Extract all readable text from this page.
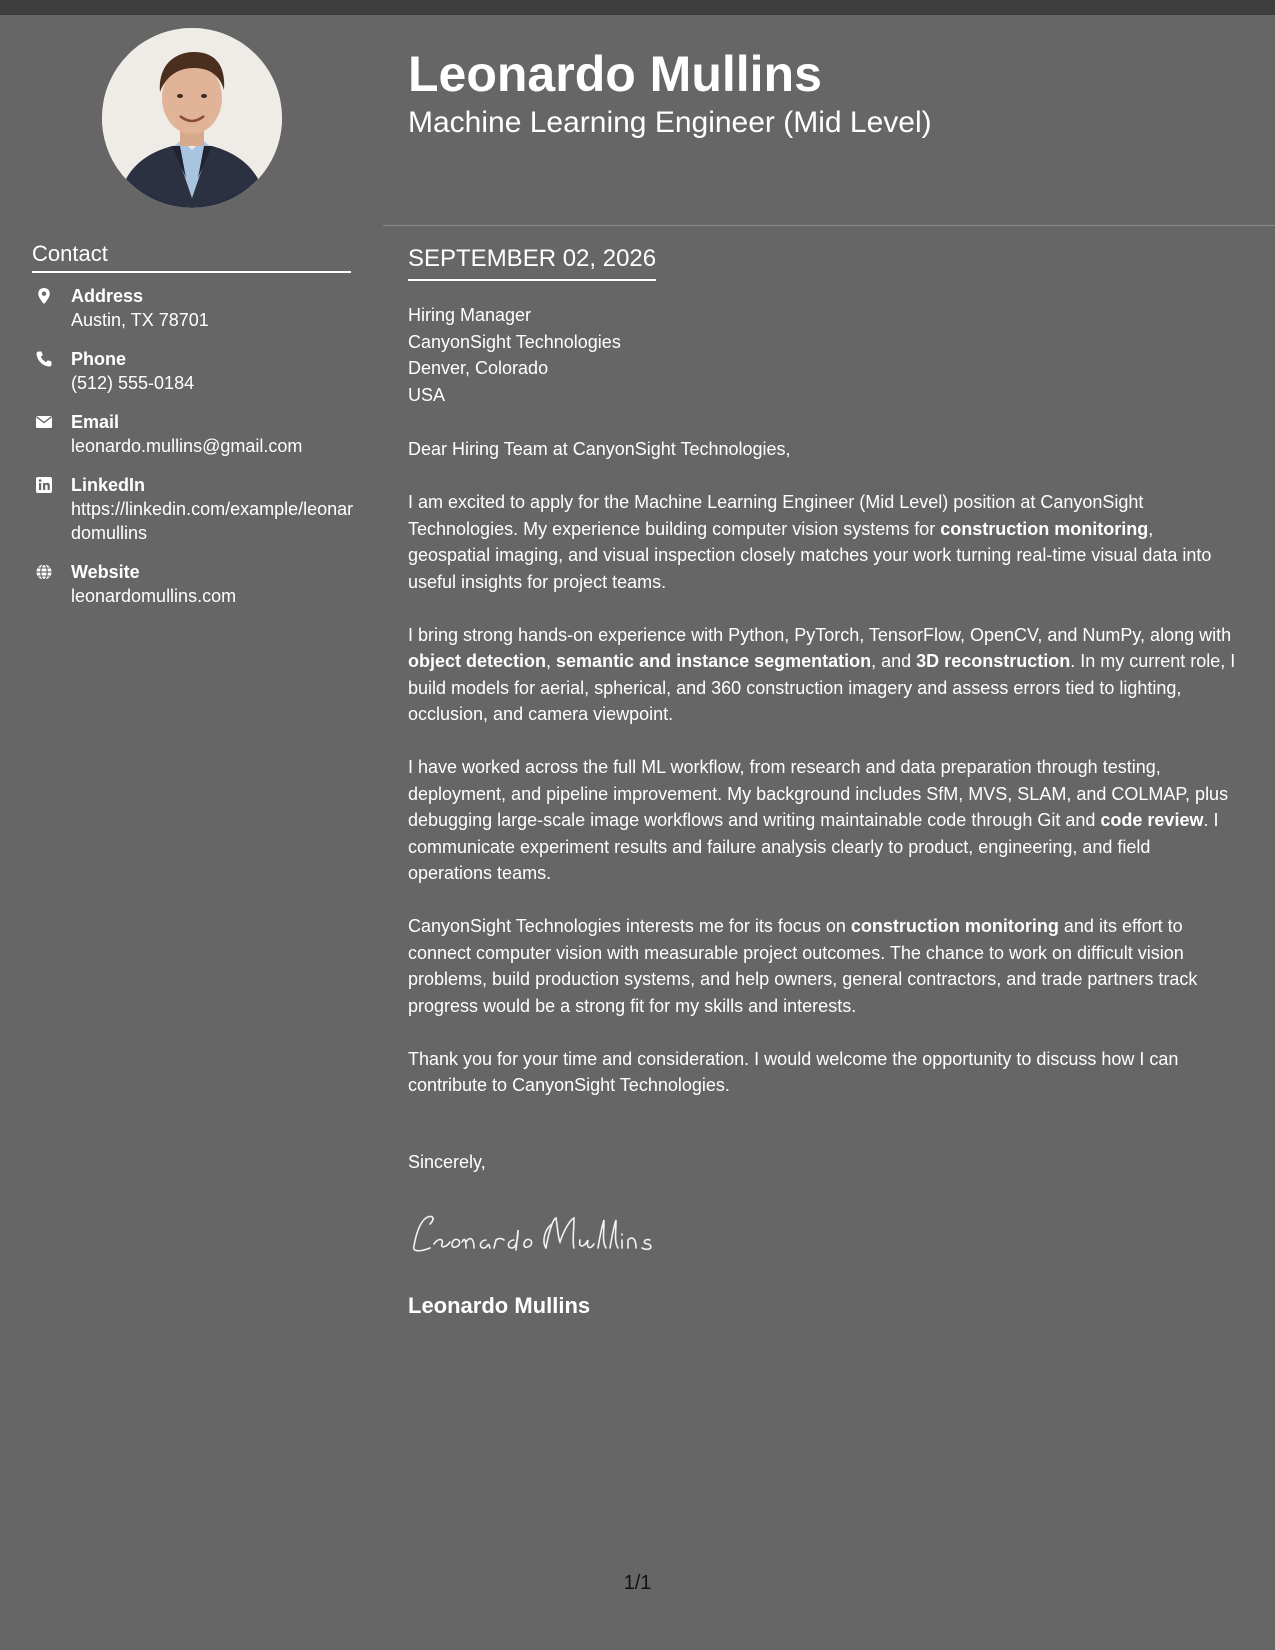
Leonardo Mullins
Machine Learning Engineer (Mid Level)
Contact
Address
Austin, TX 78701
Phone
(512) 555-0184
Email
leonardo.mullins@gmail.com
LinkedIn
https://linkedin.com/example/leonardomullins
Website
leonardomullins.com
SEPTEMBER 02, 2026
Hiring Manager
CanyonSight Technologies
Denver, Colorado
USA

Dear Hiring Team at CanyonSight Technologies,

I am excited to apply for the Machine Learning Engineer (Mid Level) position at CanyonSight Technologies. My experience building computer vision systems for construction monitoring, geospatial imaging, and visual inspection closely matches your work turning real-time visual data into useful insights for project teams.

I bring strong hands-on experience with Python, PyTorch, TensorFlow, OpenCV, and NumPy, along with object detection, semantic and instance segmentation, and 3D reconstruction. In my current role, I build models for aerial, spherical, and 360 construction imagery and assess errors tied to lighting, occlusion, and camera viewpoint.

I have worked across the full ML workflow, from research and data preparation through testing, deployment, and pipeline improvement. My background includes SfM, MVS, SLAM, and COLMAP, plus debugging large-scale image workflows and writing maintainable code through Git and code review. I communicate experiment results and failure analysis clearly to product, engineering, and field operations teams.

CanyonSight Technologies interests me for its focus on construction monitoring and its effort to connect computer vision with measurable project outcomes. The chance to work on difficult vision problems, build production systems, and help owners, general contractors, and trade partners track progress would be a strong fit for my skills and interests.

Thank you for your time and consideration. I would welcome the opportunity to discuss how I can contribute to CanyonSight Technologies.

Sincerely,
Leonardo Mullins
1/1
